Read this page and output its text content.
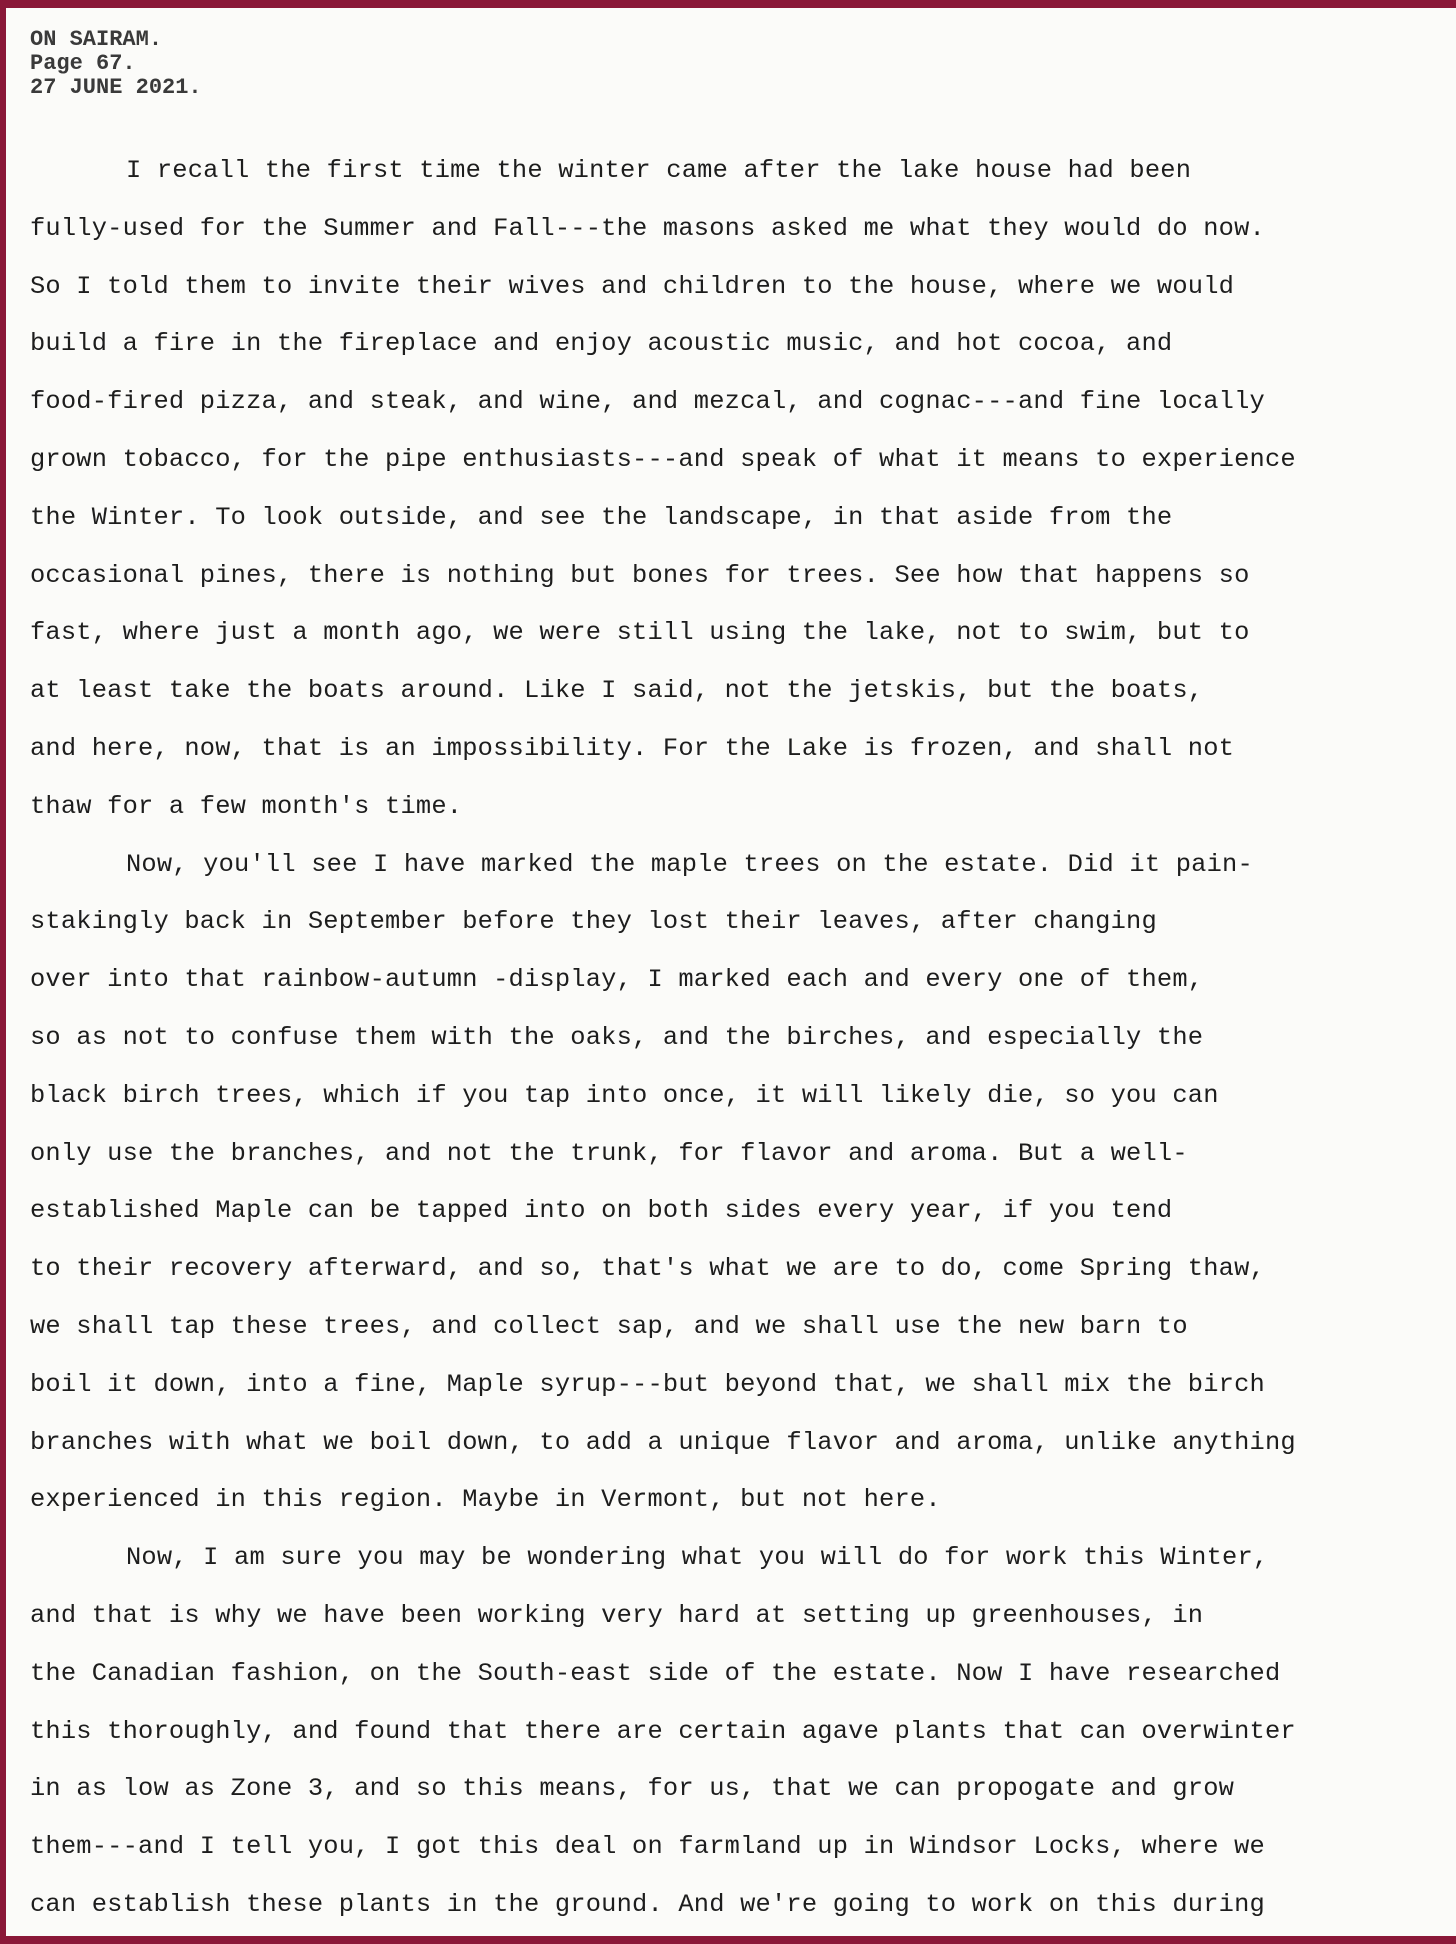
ON SAIRAM.
Page 67.
27 JUNE 2021.
I recall the first time the winter came after the lake house had been
fully-used for the Summer and Fall---the masons asked me what they would do now.
So I told them to invite their wives and children to the house, where we would
build a fire in the fireplace and enjoy acoustic music, and hot cocoa, and
food-fired pizza, and steak, and wine, and mezcal, and cognac---and fine locally
grown tobacco, for the pipe enthusiasts---and speak of what it means to experience
the Winter. To look outside, and see the landscape, in that aside from the
occasional pines, there is nothing but bones for trees. See how that happens so
fast, where just a month ago, we were still using the lake, not to swim, but to
at least take the boats around. Like I said, not the jetskis, but the boats,
and here, now, that is an impossibility. For the Lake is frozen, and shall not
thaw for a few month's time.
Now, you'll see I have marked the maple trees on the estate. Did it pain-
stakingly back in September before they lost their leaves, after changing
over into that rainbow-autumn -display, I marked each and every one of them,
so as not to confuse them with the oaks, and the birches, and especially the
black birch trees, which if you tap into once, it will likely die, so you can
only use the branches, and not the trunk, for flavor and aroma. But a well-
established Maple can be tapped into on both sides every year, if you tend
to their recovery afterward, and so, that's what we are to do, come Spring thaw,
we shall tap these trees, and collect sap, and we shall use the new barn to
boil it down, into a fine, Maple syrup---but beyond that, we shall mix the birch
branches with what we boil down, to add a unique flavor and aroma, unlike anything
experienced in this region. Maybe in Vermont, but not here.
Now, I am sure you may be wondering what you will do for work this Winter,
and that is why we have been working very hard at setting up greenhouses, in
the Canadian fashion, on the South-east side of the estate. Now I have researched
this thoroughly, and found that there are certain agave plants that can overwinter
in as low as Zone 3, and so this means, for us, that we can propogate and grow
them---and I tell you, I got this deal on farmland up in Windsor Locks, where we
can establish these plants in the ground. And we're going to work on this during
